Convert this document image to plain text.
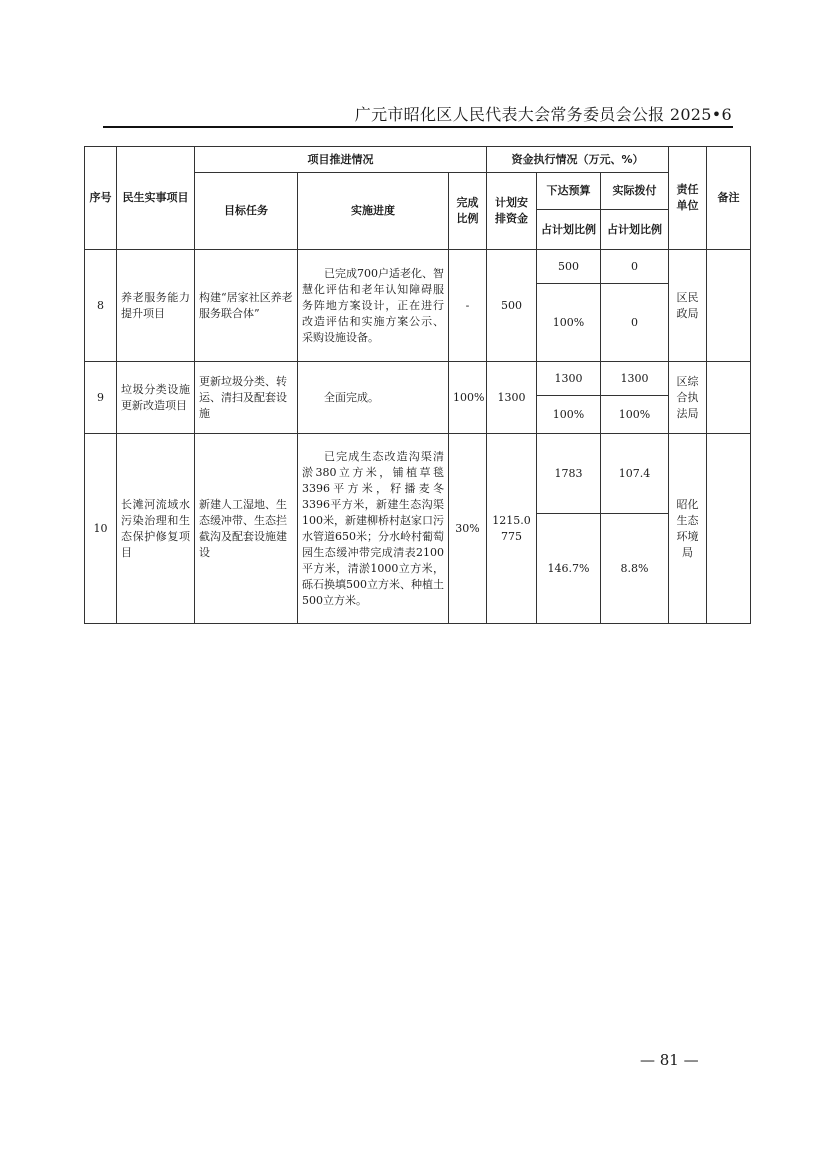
广元市昭化区人民代表大会常务委员会公报 2025•6
序号	民生实事项目	项目推进情况			资金执行情况（万元、%）			责任单位	备注
		目标任务	实施进度	完成比例	计划安排资金	下达预算	实际拨付		
						占计划比例	占计划比例		
8	养老服务能力提升项目	构建“居家社区养老服务联合体”	已完成700户适老化、智慧化评估和老年认知障碍服务阵地方案设计，正在进行改造评估和实施方案公示、采购设施设备。	-	500	500	0	区民政局	
						100%	0		
9	垃圾分类设施更新改造项目	更新垃圾分类、转运、清扫及配套设施	全面完成。	100%	1300	1300	1300	区综合执法局	
						100%	100%		
10	长滩河流域水污染治理和生态保护修复项目	新建人工湿地、生态缓冲带、生态拦截沟及配套设施建设	已完成生态改造沟渠清淤380立方米，铺植草毯3396平方米，籽播麦冬3396平方米，新建生态沟渠100米，新建柳桥村赵家口污水管道650米；分水岭村葡萄园生态缓冲带完成清表2100平方米，清淤1000立方米，砾石换填500立方米、种植土500立方米。	30%	1215.0775	1783	107.4	昭化生态环境局	
						146.7%	8.8%		
— 81 —
